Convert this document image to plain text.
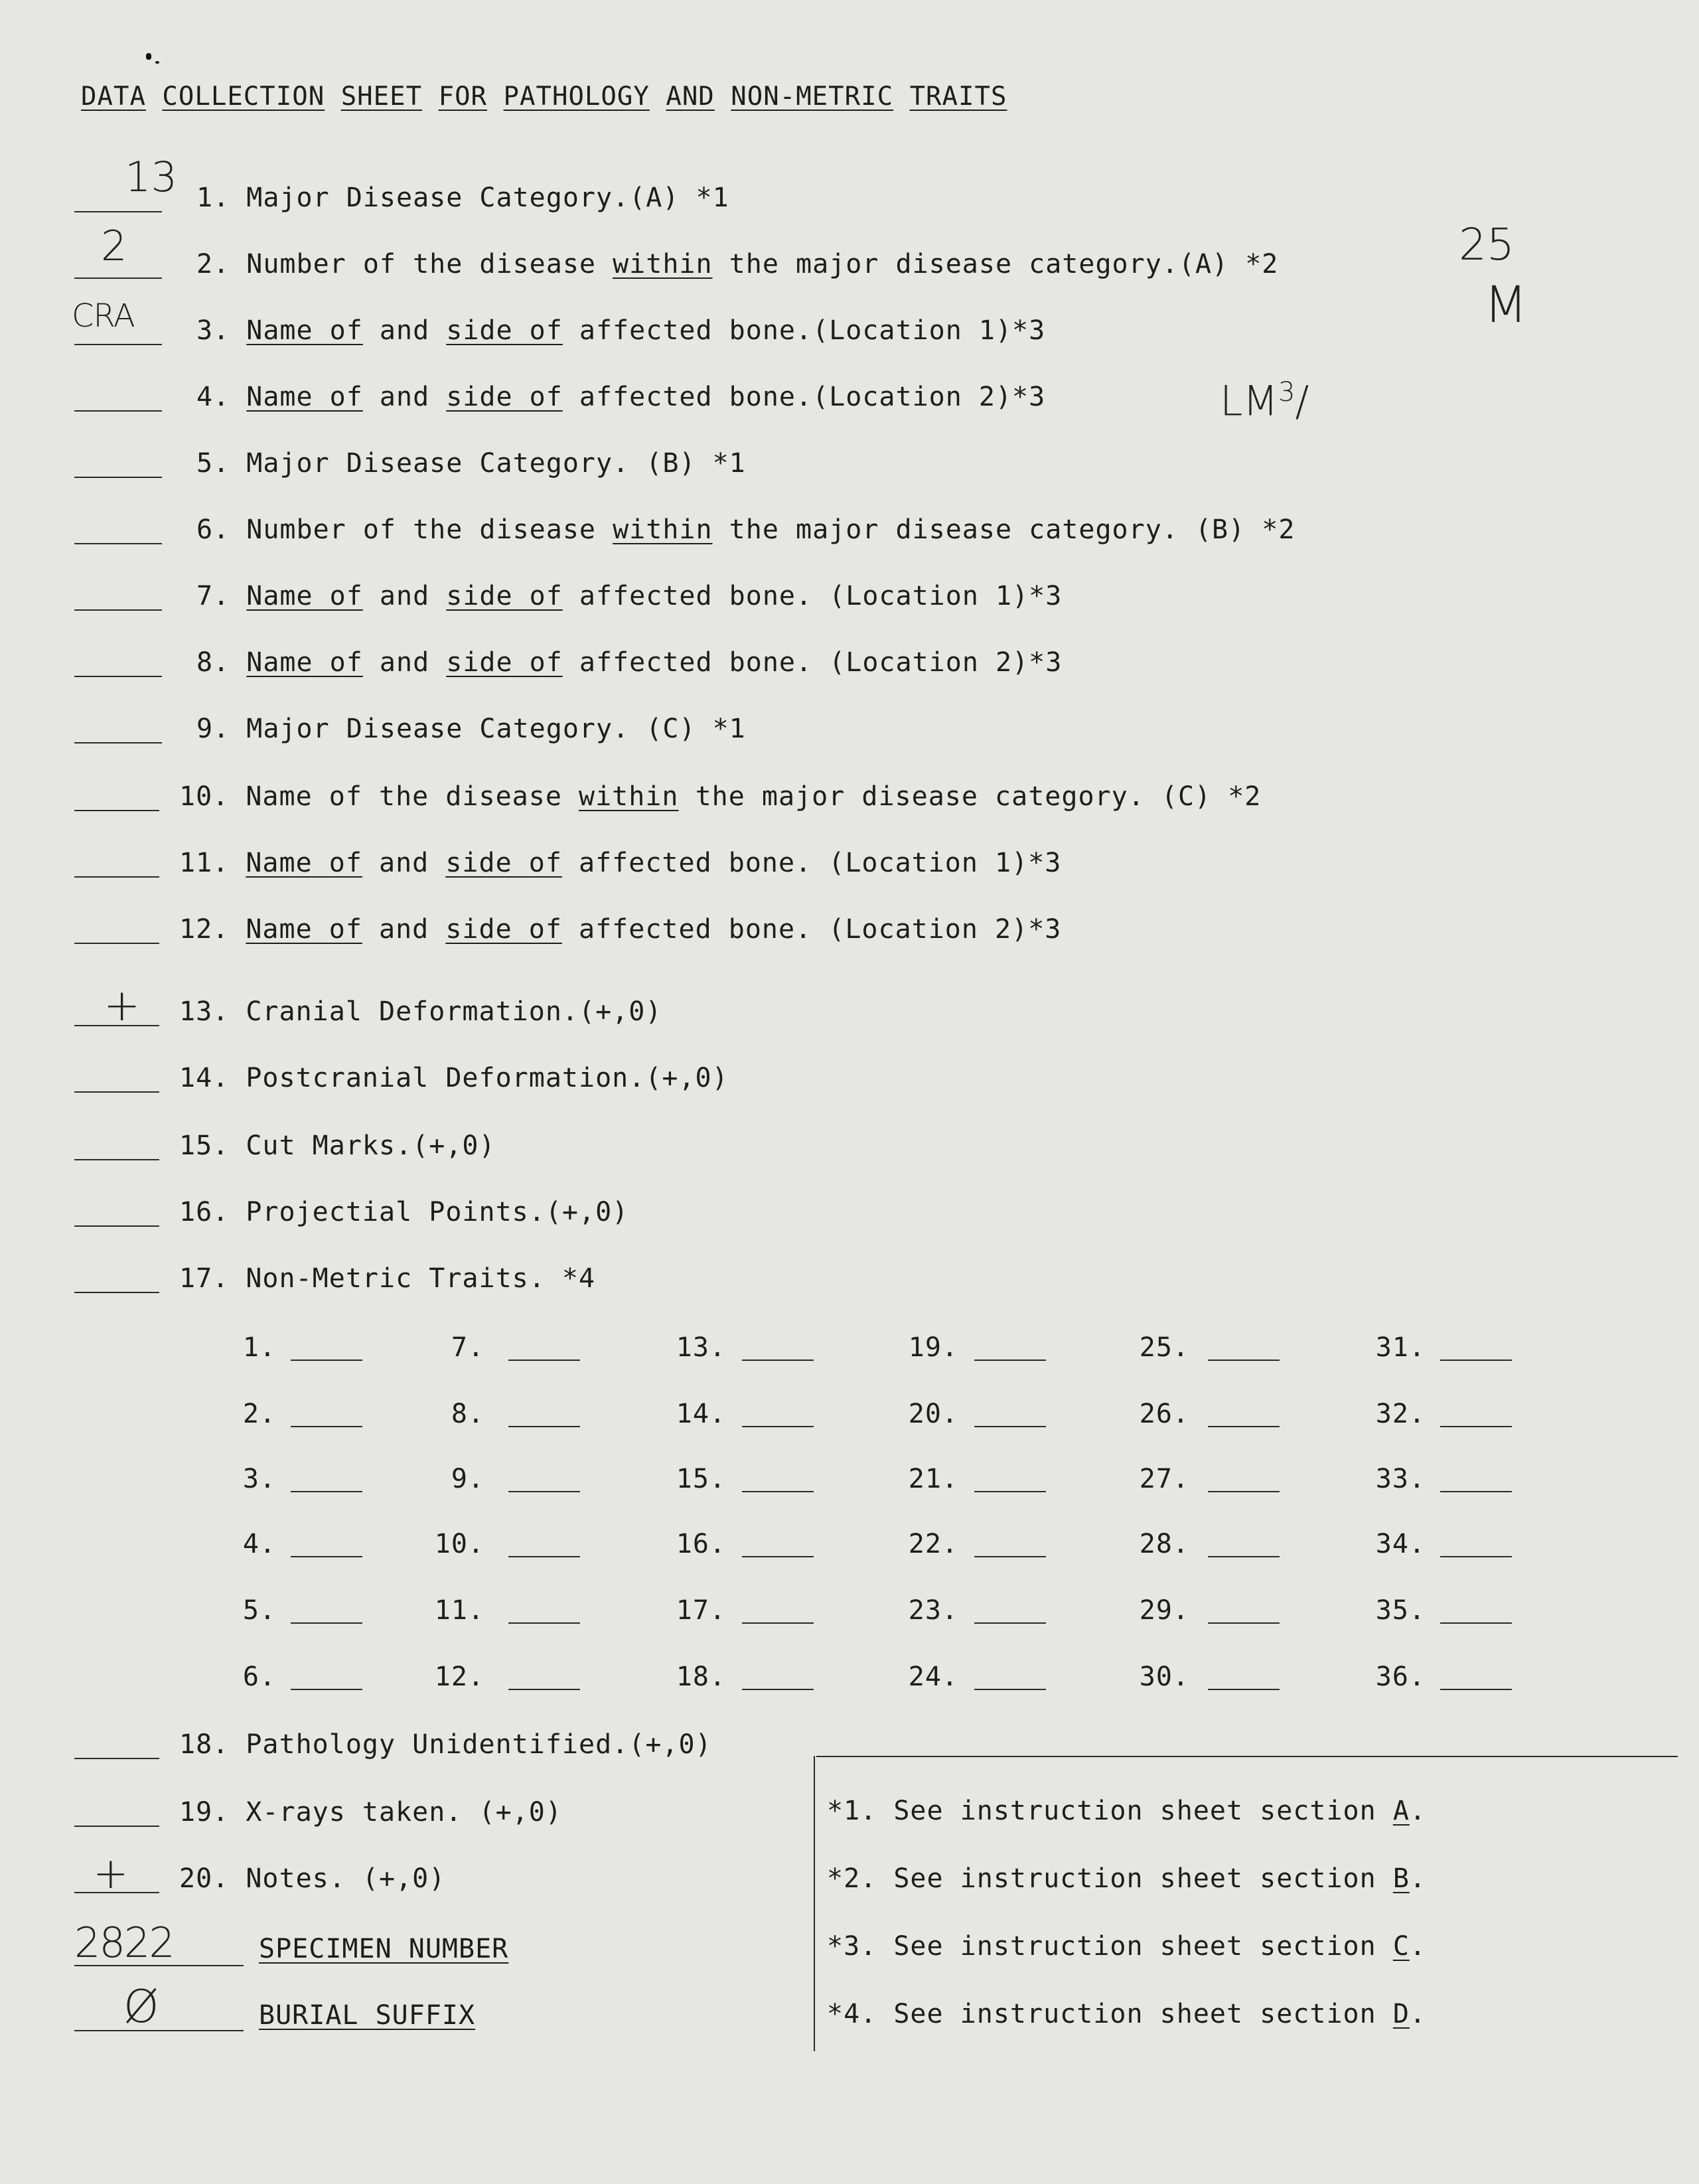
DATA COLLECTION SHEET FOR PATHOLOGY AND NON-METRIC TRAITS
1. Major Disease Category.(A) *1
2. Number of the disease within the major disease category.(A) *2
3. Name of and side of affected bone.(Location 1)*3
4. Name of and side of affected bone.(Location 2)*3
5. Major Disease Category. (B) *1
6. Number of the disease within the major disease category. (B) *2
7. Name of and side of affected bone. (Location 1)*3
8. Name of and side of affected bone. (Location 2)*3
9. Major Disease Category. (C) *1
10. Name of the disease within the major disease category. (C) *2
11. Name of and side of affected bone. (Location 1)*3
12. Name of and side of affected bone. (Location 2)*3
13. Cranial Deformation.(+,0)
14. Postcranial Deformation.(+,0)
15. Cut Marks.(+,0)
16. Projectial Points.(+,0)
17. Non-Metric Traits. *4
18. Pathology Unidentified.(+,0)
19. X-rays taken. (+,0)
20. Notes. (+,0)
13
2
CRA
+
+
25
M
$LM^3/$
1.
2.
3.
4.
5.
6.
7.
8.
9.
10.
11.
12.
13.
14.
15.
16.
17.
18.
19.
20.
21.
22.
23.
24.
25.
26.
27.
28.
29.
30.
31.
32.
33.
34.
35.
36.
2822	SPECIMEN NUMBER
Ø	BURIAL SUFFIX
*1. See instruction sheet section A.
*2. See instruction sheet section B.
*3. See instruction sheet section C.
*4. See instruction sheet section D.
